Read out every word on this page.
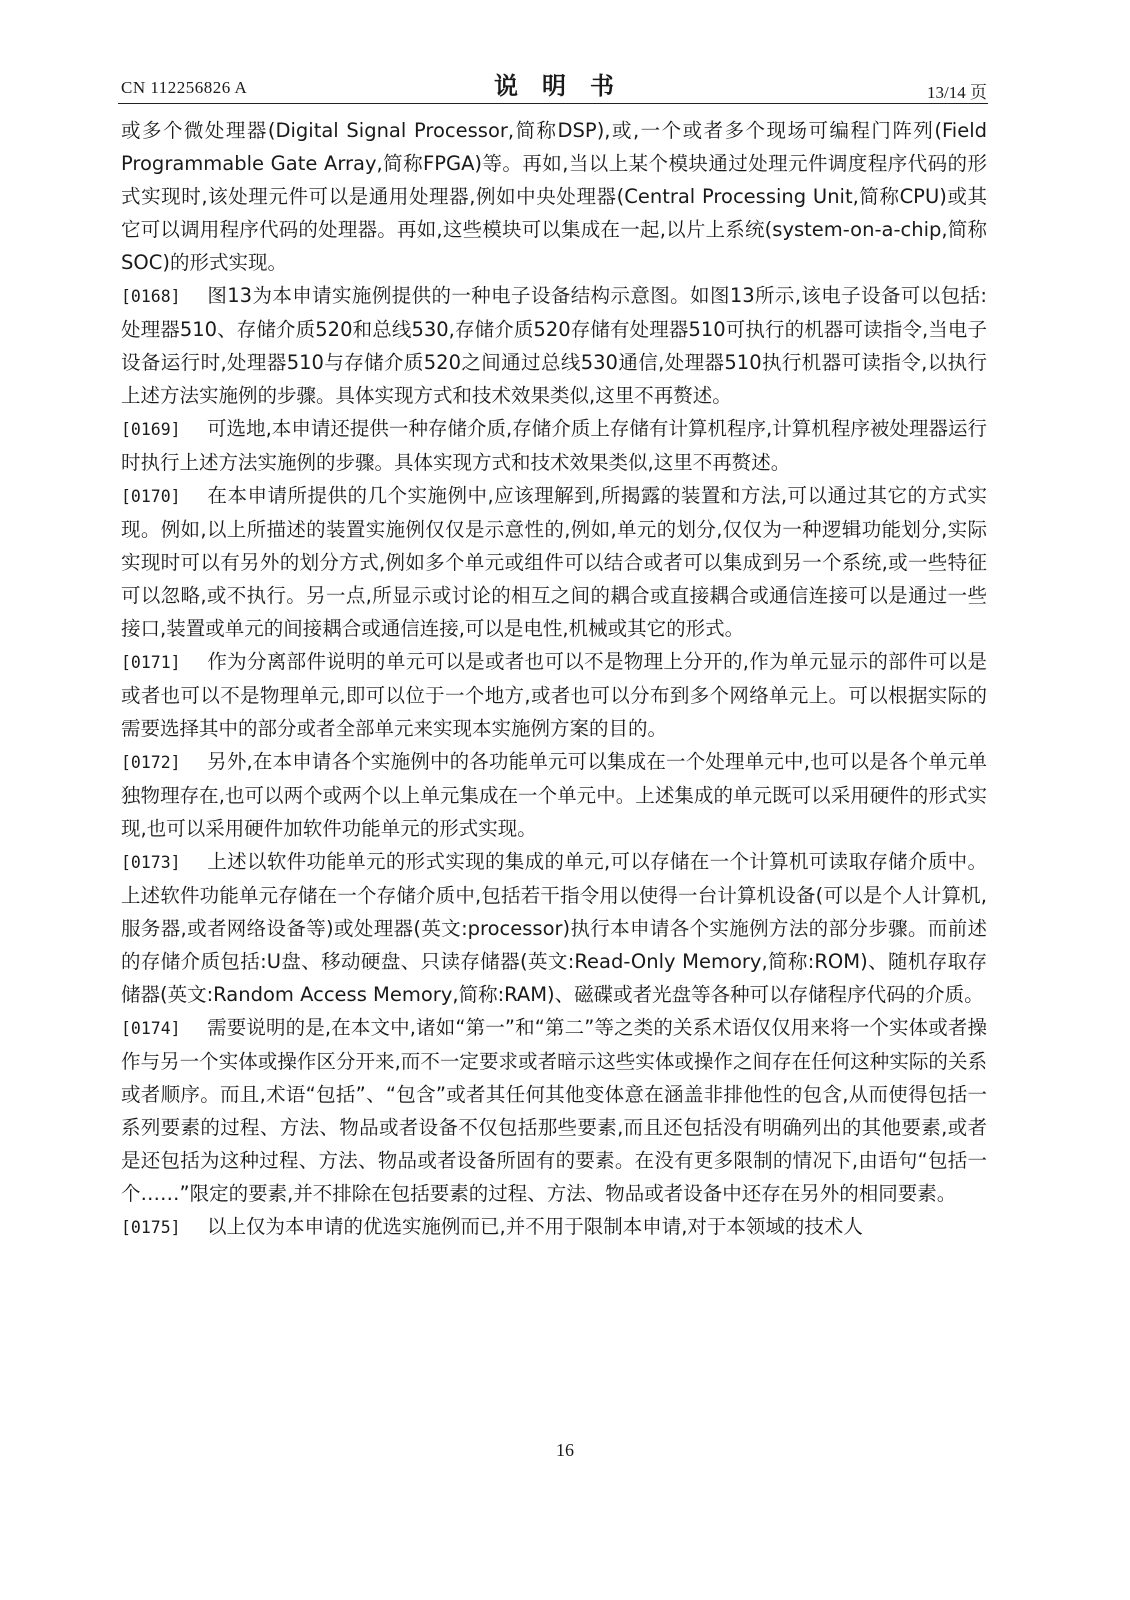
CN 112256826 A	说明书	13/14 页

或多个微处理器(Digital Signal Processor,简称DSP),或,一个或者多个现场可编程门阵列(Field Programmable Gate Array,简称FPGA)等。再如,当以上某个模块通过处理元件调度程序代码的形式实现时,该处理元件可以是通用处理器,例如中央处理器(Central Processing Unit,简称CPU)或其它可以调用程序代码的处理器。再如,这些模块可以集成在一起,以片上系统(system-on-a-chip,简称SOC)的形式实现。

[0168] 图13为本申请实施例提供的一种电子设备结构示意图。如图13所示,该电子设备可以包括:处理器510、存储介质520和总线530,存储介质520存储有处理器510可执行的机器可读指令,当电子设备运行时,处理器510与存储介质520之间通过总线530通信,处理器510执行机器可读指令,以执行上述方法实施例的步骤。具体实现方式和技术效果类似,这里不再赘述。

[0169] 可选地,本申请还提供一种存储介质,存储介质上存储有计算机程序,计算机程序被处理器运行时执行上述方法实施例的步骤。具体实现方式和技术效果类似,这里不再赘述。

[0170] 在本申请所提供的几个实施例中,应该理解到,所揭露的装置和方法,可以通过其它的方式实现。例如,以上所描述的装置实施例仅仅是示意性的,例如,单元的划分,仅仅为一种逻辑功能划分,实际实现时可以有另外的划分方式,例如多个单元或组件可以结合或者可以集成到另一个系统,或一些特征可以忽略,或不执行。另一点,所显示或讨论的相互之间的耦合或直接耦合或通信连接可以是通过一些接口,装置或单元的间接耦合或通信连接,可以是电性,机械或其它的形式。

[0171] 作为分离部件说明的单元可以是或者也可以不是物理上分开的,作为单元显示的部件可以是或者也可以不是物理单元,即可以位于一个地方,或者也可以分布到多个网络单元上。可以根据实际的需要选择其中的部分或者全部单元来实现本实施例方案的目的。

[0172] 另外,在本申请各个实施例中的各功能单元可以集成在一个处理单元中,也可以是各个单元单独物理存在,也可以两个或两个以上单元集成在一个单元中。上述集成的单元既可以采用硬件的形式实现,也可以采用硬件加软件功能单元的形式实现。

[0173] 上述以软件功能单元的形式实现的集成的单元,可以存储在一个计算机可读取存储介质中。上述软件功能单元存储在一个存储介质中,包括若干指令用以使得一台计算机设备(可以是个人计算机,服务器,或者网络设备等)或处理器(英文:processor)执行本申请各个实施例方法的部分步骤。而前述的存储介质包括:U盘、移动硬盘、只读存储器(英文:Read-Only Memory,简称:ROM)、随机存取存储器(英文:Random Access Memory,简称:RAM)、磁碟或者光盘等各种可以存储程序代码的介质。

[0174] 需要说明的是,在本文中,诸如“第一”和“第二”等之类的关系术语仅仅用来将一个实体或者操作与另一个实体或操作区分开来,而不一定要求或者暗示这些实体或操作之间存在任何这种实际的关系或者顺序。而且,术语“包括”、“包含”或者其任何其他变体意在涵盖非排他性的包含,从而使得包括一系列要素的过程、方法、物品或者设备不仅包括那些要素,而且还包括没有明确列出的其他要素,或者是还包括为这种过程、方法、物品或者设备所固有的要素。在没有更多限制的情况下,由语句“包括一个……”限定的要素,并不排除在包括要素的过程、方法、物品或者设备中还存在另外的相同要素。

[0175] 以上仅为本申请的优选实施例而已,并不用于限制本申请,对于本领域的技术人

16
